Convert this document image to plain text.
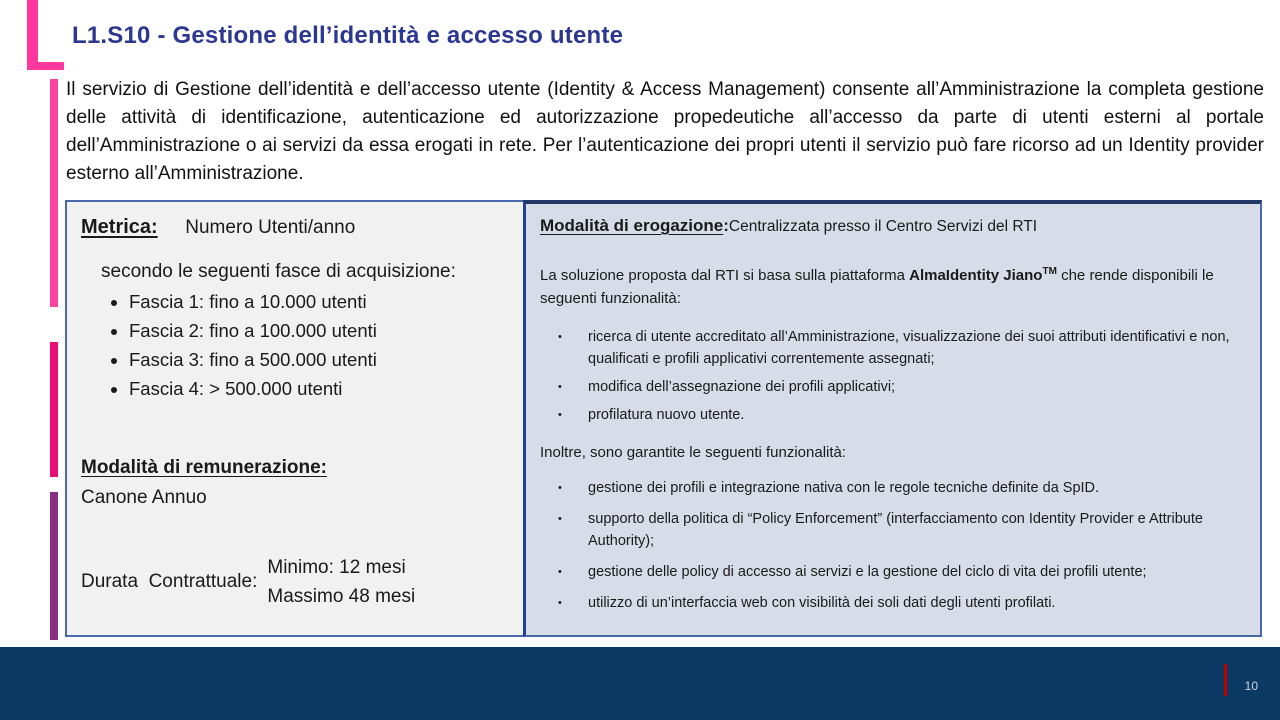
L1.S10 - Gestione dell’identità e accesso utente
Il servizio di Gestione dell’identità e dell’accesso utente (Identity & Access Management) consente all’Amministrazione la completa gestione delle attività di identificazione, autenticazione ed autorizzazione propedeutiche all’accesso da parte di utenti esterni al portale dell’Amministrazione o ai servizi da essa erogati in rete. Per l’autenticazione dei propri utenti il servizio può fare ricorso ad un Identity provider esterno all’Amministrazione.
Metrica: Numero Utenti/anno
secondo le seguenti fasce di acquisizione:
• Fascia 1: fino a 10.000 utenti
• Fascia 2: fino a 100.000 utenti
• Fascia 3: fino a 500.000 utenti
• Fascia 4: > 500.000 utenti
Modalità di remunerazione:
Canone Annuo
Durata  Contrattuale:
Minimo: 12 mesi
Massimo 48 mesi
Modalità di erogazione:Centralizzata presso il Centro Servizi del RTI
La soluzione proposta dal RTI si basa sulla piattaforma AlmaIdentity Jiano™ che rende disponibili le seguenti funzionalità:
• ricerca di utente accreditato all’Amministrazione, visualizzazione dei suoi attributi identificativi e non, qualificati e profili applicativi correntemente assegnati;
• modifica dell’assegnazione dei profili applicativi;
• profilatura nuovo utente.
Inoltre, sono garantite le seguenti funzionalità:
• gestione dei profili e integrazione nativa con le regole tecniche definite da SpID.
• supporto della politica di “Policy Enforcement” (interfacciamento con Identity Provider e Attribute Authority);
• gestione delle policy di accesso ai servizi e la gestione del ciclo di vita dei profili utente;
• utilizzo di un’interfaccia web con visibilità dei soli dati degli utenti profilati.
10
